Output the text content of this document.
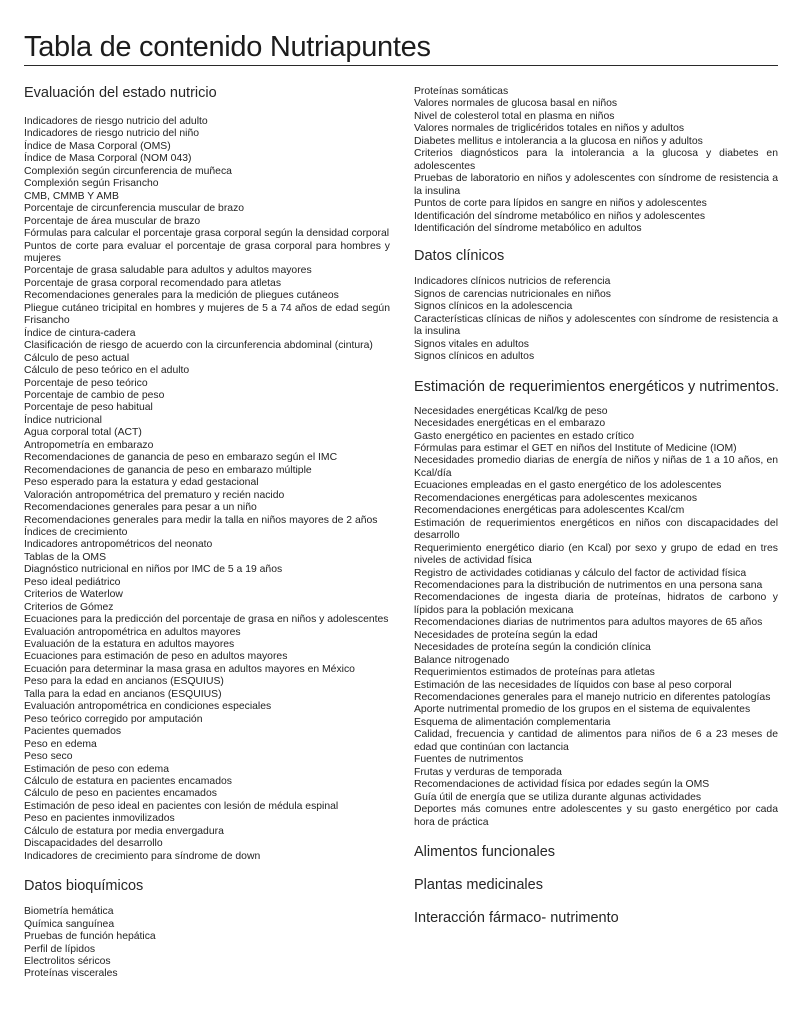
Tabla de contenido Nutriapuntes
Evaluación del estado nutricio
Indicadores de riesgo nutricio del adulto
Indicadores de riesgo nutricio del niño
Índice de Masa Corporal (OMS)
Índice de Masa Corporal (NOM 043)
Complexión según circunferencia de muñeca
Complexión según Frisancho
CMB, CMMB Y AMB
Porcentaje de circunferencia muscular de brazo
Porcentaje de área muscular de brazo
Fórmulas para calcular el porcentaje grasa corporal según la densidad corporal
Puntos de corte para evaluar el porcentaje de grasa corporal para hombres y mujeres
Porcentaje de grasa saludable para adultos y adultos mayores
Porcentaje de grasa corporal recomendado para atletas
Recomendaciones generales para la medición de pliegues cutáneos
Pliegue cutáneo tricipital en hombres y mujeres de 5 a 74 años de edad según Frisancho
Índice de cintura-cadera
Clasificación de riesgo de acuerdo con la circunferencia abdominal (cintura)
Cálculo de peso actual
Cálculo de peso teórico en el adulto
Porcentaje de peso teórico
Porcentaje de cambio de peso
Porcentaje de peso habitual
Índice nutricional
Agua corporal total (ACT)
Antropometría en embarazo
Recomendaciones de ganancia de peso en embarazo según el IMC
Recomendaciones de ganancia de peso en embarazo múltiple
Peso esperado para la estatura y edad gestacional
Valoración antropométrica del prematuro y recién nacido
Recomendaciones generales para pesar a un niño
Recomendaciones generales para medir la talla en niños mayores de 2 años
Índices de crecimiento
Indicadores antropométricos del neonato
Tablas de la OMS
Diagnóstico nutricional en niños por IMC de 5 a 19 años
Peso ideal pediátrico
Criterios de Waterlow
Criterios de Gómez
Ecuaciones para la predicción del porcentaje de grasa en niños y adolescentes
Evaluación antropométrica en adultos mayores
Evaluación de la estatura en adultos mayores
Ecuaciones para estimación de peso en adultos mayores
Ecuación para determinar la masa grasa en adultos mayores en México
Peso para la edad en ancianos (ESQUIUS)
Talla para la edad en ancianos (ESQUIUS)
Evaluación antropométrica en condiciones especiales
Peso teórico corregido por amputación
Pacientes quemados
Peso en edema
Peso seco
Estimación de peso con edema
Cálculo de estatura en pacientes encamados
Cálculo de peso en pacientes encamados
Estimación de peso ideal en pacientes con lesión de médula espinal
Peso en pacientes inmovilizados
Cálculo de estatura por media envergadura
Discapacidades del desarrollo
Indicadores de crecimiento para síndrome de down
Datos bioquímicos
Biometría hemática
Química sanguínea
Pruebas de función hepática
Perfil de lípidos
Electrolitos séricos
Proteínas viscerales
Proteínas somáticas
Valores normales de glucosa basal en niños
Nivel de colesterol total en plasma en niños
Valores normales de triglicéridos totales en niños y adultos
Diabetes mellitus e intolerancia a la glucosa en niños y adultos
Criterios diagnósticos para la intolerancia a la glucosa y diabetes en adolescentes
Pruebas de laboratorio en niños y adolescentes con síndrome de resistencia a la insulina
Puntos de corte para lípidos en sangre en niños y adolescentes
Identificación del síndrome metabólico en niños y adolescentes
Identificación del síndrome metabólico en adultos
Datos clínicos
Indicadores clínicos nutricios de referencia
Signos de carencias nutricionales en niños
Signos clínicos en la adolescencia
Características clínicas de niños y adolescentes con síndrome de resistencia a la insulina
Signos vitales en adultos
Signos clínicos en adultos
Estimación de requerimientos energéticos y nutrimentos.
Necesidades energéticas Kcal/kg de peso
Necesidades energéticas en el embarazo
Gasto energético en pacientes en estado crítico
Fórmulas para estimar el GET en niños del Institute of Medicine (IOM)
Necesidades promedio diarias de energía de niños y niñas de 1 a 10 años, en Kcal/día
Ecuaciones empleadas en el gasto energético de los adolescentes
Recomendaciones energéticas para adolescentes mexicanos
Recomendaciones energéticas para adolescentes Kcal/cm
Estimación de requerimientos energéticos en niños con discapacidades del desarrollo
Requerimiento energético diario (en Kcal) por sexo y grupo de edad en tres niveles de actividad física
Registro de actividades cotidianas y cálculo del factor de actividad física
Recomendaciones para la distribución de nutrimentos en una persona sana
Recomendaciones de ingesta diaria de proteínas, hidratos de carbono y lípidos para la población mexicana
Recomendaciones diarias de nutrimentos para adultos mayores de 65 años
Necesidades de proteína según la edad
Necesidades de proteína según la condición clínica
Balance nitrogenado
Requerimientos estimados de proteínas para atletas
Estimación de las necesidades de líquidos con base al peso corporal
Recomendaciones generales para el manejo nutricio en diferentes patologías
Aporte nutrimental promedio de los grupos en el sistema de equivalentes
Esquema de alimentación complementaria
Calidad, frecuencia y cantidad de alimentos para niños de 6 a 23 meses de edad que continúan con lactancia
Fuentes de nutrimentos
Frutas y verduras de temporada
Recomendaciones de actividad física por edades según la OMS
Guía útil de energía que se utiliza durante algunas actividades
Deportes más comunes entre adolescentes y su gasto energético por cada hora de práctica
Alimentos funcionales
Plantas medicinales
Interacción fármaco- nutrimento
